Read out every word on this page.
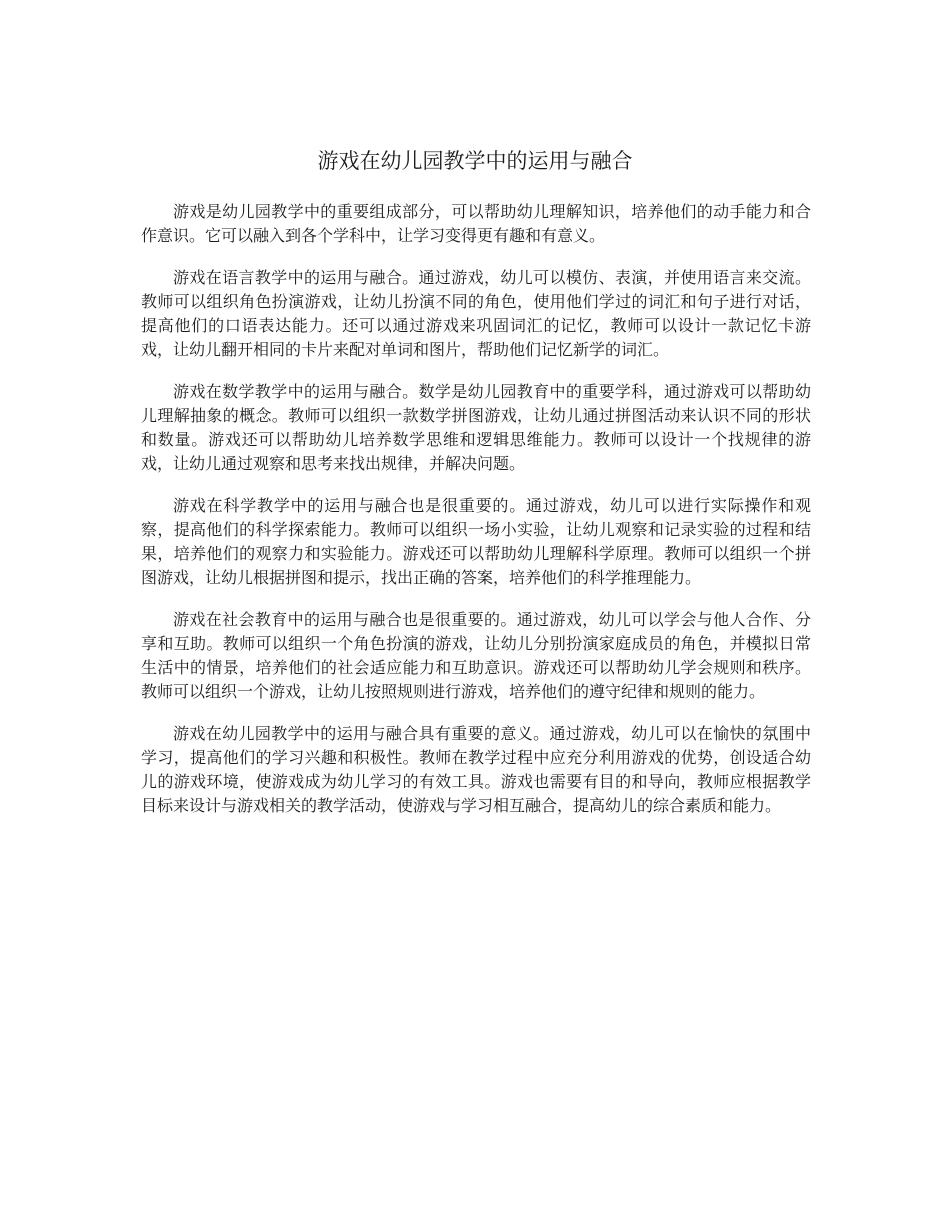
游戏在幼儿园教学中的运用与融合

游戏是幼儿园教学中的重要组成部分，可以帮助幼儿理解知识，培养他们的动手能力和合作意识。它可以融入到各个学科中，让学习变得更有趣和有意义。

游戏在语言教学中的运用与融合。通过游戏，幼儿可以模仿、表演，并使用语言来交流。教师可以组织角色扮演游戏，让幼儿扮演不同的角色，使用他们学过的词汇和句子进行对话，提高他们的口语表达能力。还可以通过游戏来巩固词汇的记忆，教师可以设计一款记忆卡游戏，让幼儿翻开相同的卡片来配对单词和图片，帮助他们记忆新学的词汇。

游戏在数学教学中的运用与融合。数学是幼儿园教育中的重要学科，通过游戏可以帮助幼儿理解抽象的概念。教师可以组织一款数学拼图游戏，让幼儿通过拼图活动来认识不同的形状和数量。游戏还可以帮助幼儿培养数学思维和逻辑思维能力。教师可以设计一个找规律的游戏，让幼儿通过观察和思考来找出规律，并解决问题。

游戏在科学教学中的运用与融合也是很重要的。通过游戏，幼儿可以进行实际操作和观察，提高他们的科学探索能力。教师可以组织一场小实验，让幼儿观察和记录实验的过程和结果，培养他们的观察力和实验能力。游戏还可以帮助幼儿理解科学原理。教师可以组织一个拼图游戏，让幼儿根据拼图和提示，找出正确的答案，培养他们的科学推理能力。

游戏在社会教育中的运用与融合也是很重要的。通过游戏，幼儿可以学会与他人合作、分享和互助。教师可以组织一个角色扮演的游戏，让幼儿分别扮演家庭成员的角色，并模拟日常生活中的情景，培养他们的社会适应能力和互助意识。游戏还可以帮助幼儿学会规则和秩序。教师可以组织一个游戏，让幼儿按照规则进行游戏，培养他们的遵守纪律和规则的能力。

游戏在幼儿园教学中的运用与融合具有重要的意义。通过游戏，幼儿可以在愉快的氛围中学习，提高他们的学习兴趣和积极性。教师在教学过程中应充分利用游戏的优势，创设适合幼儿的游戏环境，使游戏成为幼儿学习的有效工具。游戏也需要有目的和导向，教师应根据教学目标来设计与游戏相关的教学活动，使游戏与学习相互融合，提高幼儿的综合素质和能力。
